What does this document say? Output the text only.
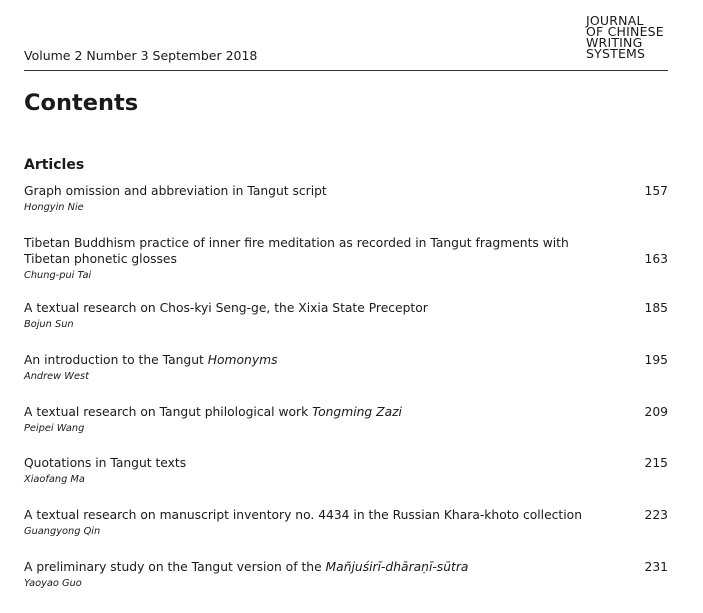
JOURNAL
OF CHINESE
WRITING
SYSTEMS
Volume 2 Number 3 September 2018
Contents
Articles
Graph omission and abbreviation in Tangut script	157
Hongyin Nie
Tibetan Buddhism practice of inner fire meditation as recorded in Tangut fragments with Tibetan phonetic glosses	163
Chung-pui Tai
A textual research on Chos-kyi Seng-ge, the Xixia State Preceptor	185
Bojun Sun
An introduction to the Tangut Homonyms	195
Andrew West
A textual research on Tangut philological work Tongming Zazi	209
Peipei Wang
Quotations in Tangut texts	215
Xiaofang Ma
A textual research on manuscript inventory no. 4434 in the Russian Khara-khoto collection	223
Guangyong Qin
A preliminary study on the Tangut version of the Mañjuśirī-dhāraṇī-sūtra	231
Yaoyao Guo
